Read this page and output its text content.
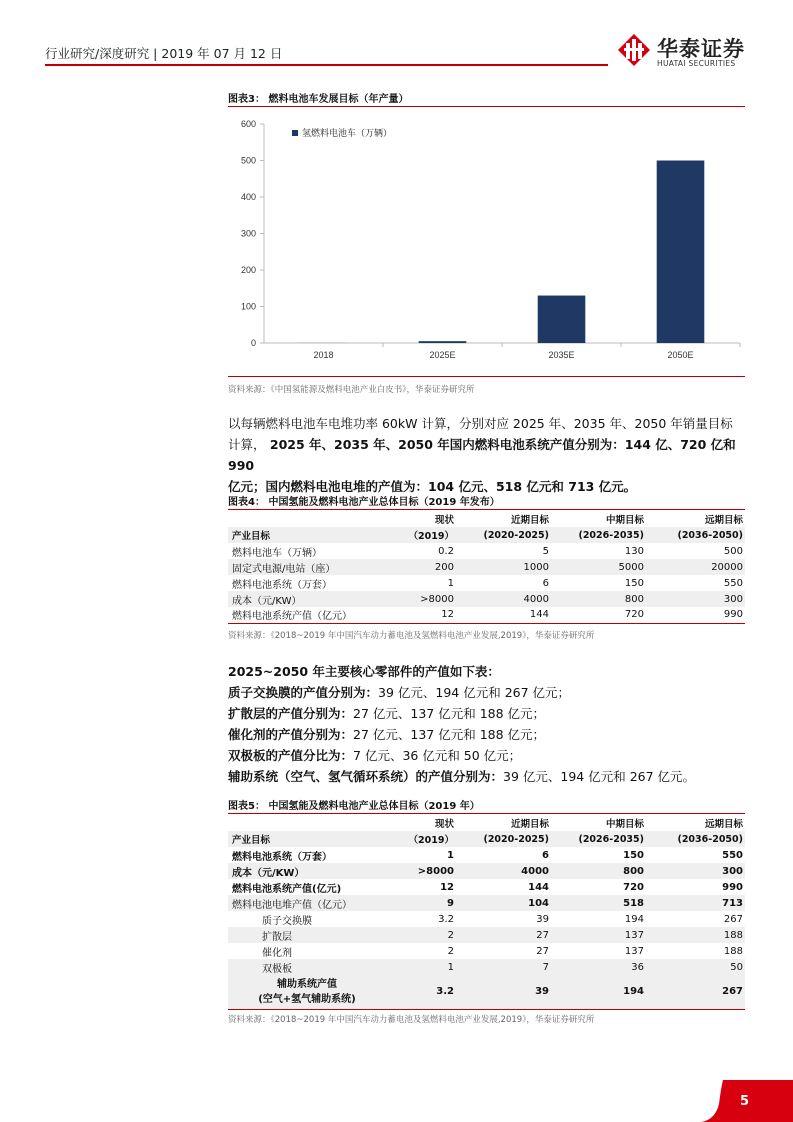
行业研究/深度研究 | 2019 年 07 月 12 日	华泰证券
HUATAI SECURITIES
图表3： 燃料电池车发展目标（年产量）
0
100
200
300
400
500
600
2018	2025E	2035E	2050E
氢燃料电池车（万辆）
资料来源：《中国氢能源及燃料电池产业白皮书》，华泰证券研究所
以每辆燃料电池车电堆功率 60kW 计算，分别对应 2025 年、2035 年、2050 年销量目标
计算， 2025 年、2035 年、2050 年国内燃料电池系统产值分别为：144 亿、720 亿和 990
亿元；国内燃料电池电堆的产值为：104 亿元、518 亿元和 713 亿元。
图表4： 中国氢能及燃料电池产业总体目标（2019 年发布）
	现状	近期目标	中期目标	远期目标
产业目标	（2019）	(2020-2025)	(2026-2035)	(2036-2050)
燃料电池车（万辆）	0.2	5	130	500
固定式电源/电站（座）	200	1000	5000	20000
燃料电池系统（万套）	1	6	150	550
成本（元/KW）	>8000	4000	800	300
燃料电池系统产值（亿元）	12	144	720	990
资料来源：《2018~2019 年中国汽车动力蓄电池及氢燃料电池产业发展,2019》，华泰证券研究所
2025~2050 年主要核心零部件的产值如下表：
质子交换膜的产值分别为：39 亿元、194 亿元和 267 亿元；
扩散层的产值分别为：27 亿元、137 亿元和 188 亿元；
催化剂的产值分别为：27 亿元、137 亿元和 188 亿元；
双极板的产值分比为：7 亿元、36 亿元和 50 亿元；
辅助系统（空气、氢气循环系统）的产值分别为：39 亿元、194 亿元和 267 亿元。
图表5： 中国氢能及燃料电池产业总体目标（2019 年）
	现状	近期目标	中期目标	远期目标
产业目标	（2019）	(2020-2025)	(2026-2035)	(2036-2050)
燃料电池系统（万套）	1	6	150	550
成本（元/KW）	>8000	4000	800	300
燃料电池系统产值(亿元)	12	144	720	990
燃料电池电堆产值（亿元）	9	104	518	713
质子交换膜	3.2	39	194	267
扩散层	2	27	137	188
催化剂	2	27	137	188
双极板	1	7	36	50

辅助系统产值
(空气+氢气辅助系统)	3.2	39	194	267
资料来源：《2018~2019 年中国汽车动力蓄电池及氢燃料电池产业发展,2019》，华泰证券研究所
5
